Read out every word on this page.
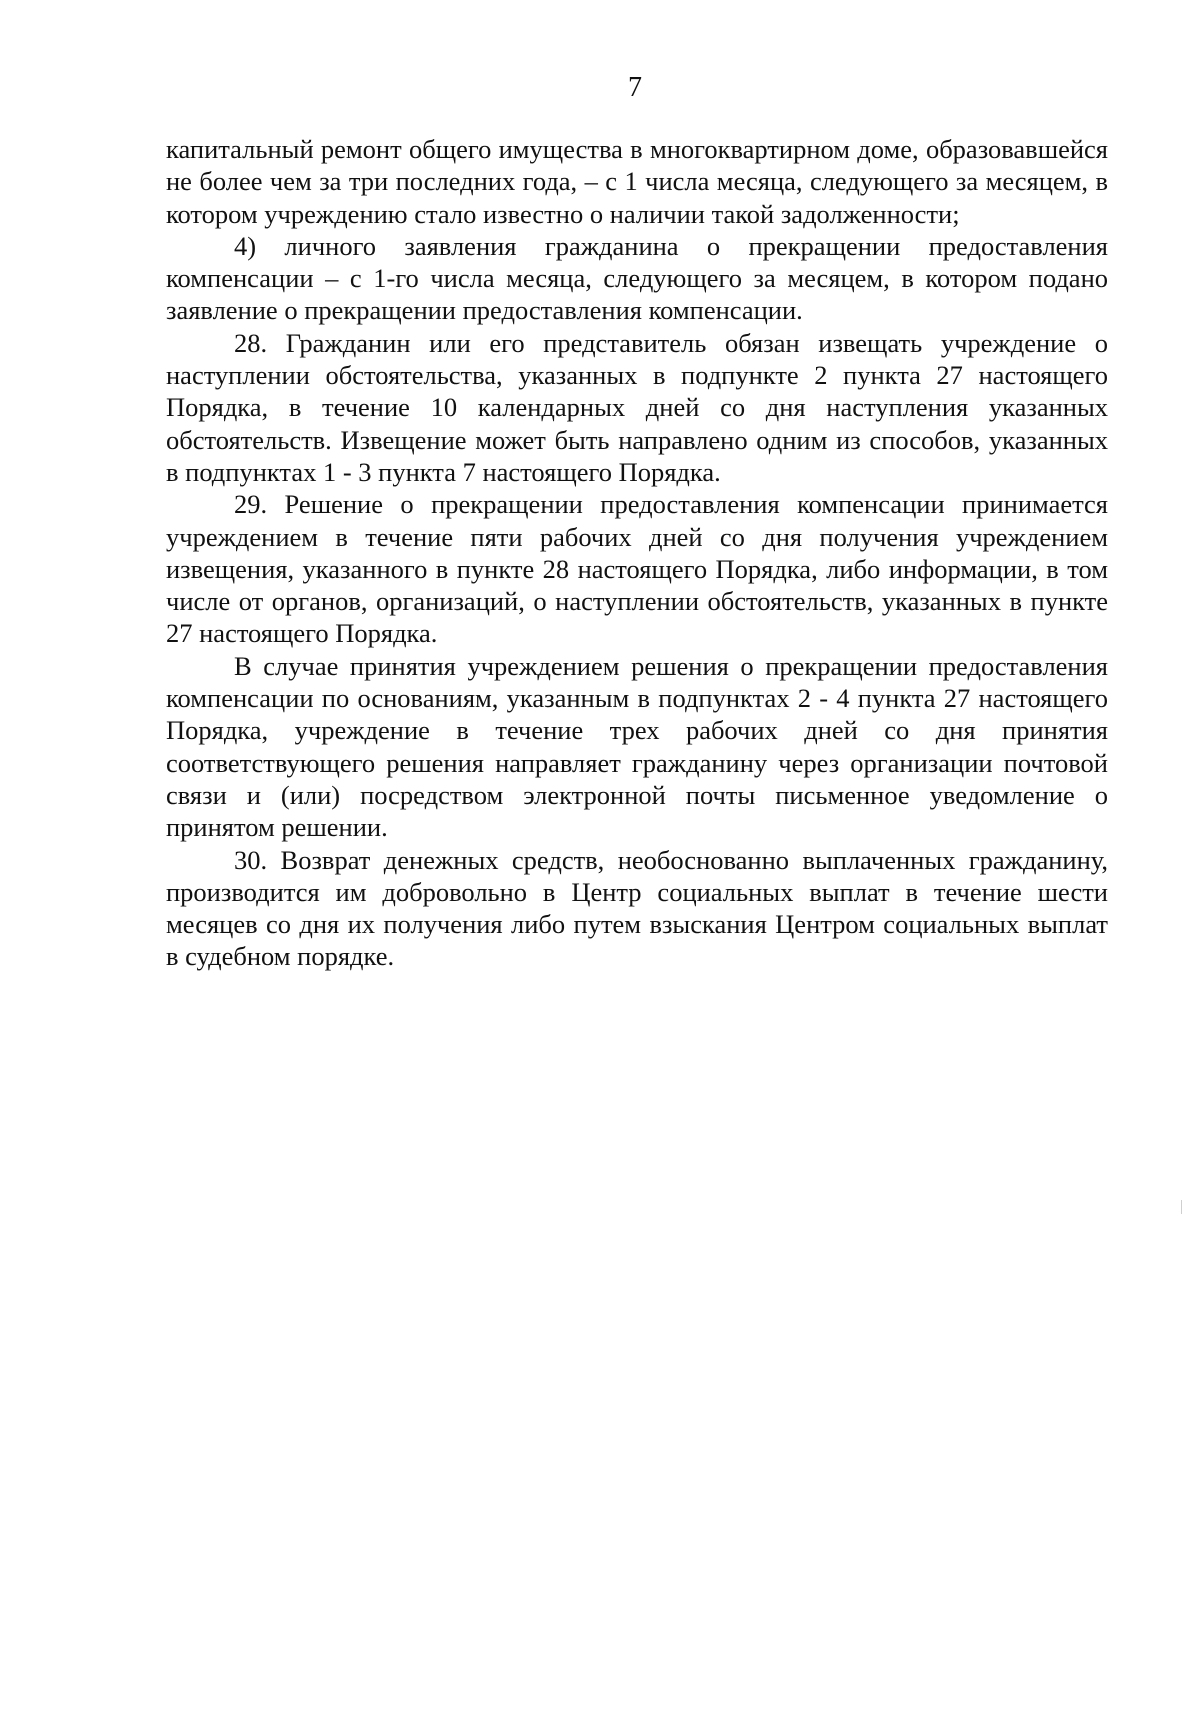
7

капитальный ремонт общего имущества в многоквартирном доме, образовавшейся не более чем за три последних года, – с 1 числа месяца, следующего за месяцем, в котором учреждению стало известно о наличии такой задолженности;

4) личного заявления гражданина о прекращении предоставления компенсации – с 1-го числа месяца, следующего за месяцем, в котором подано заявление о прекращении предоставления компенсации.

28. Гражданин или его представитель обязан извещать учреждение о наступлении обстоятельства, указанных в подпункте 2 пункта 27 настоящего Порядка, в течение 10 календарных дней со дня наступления указанных обстоятельств. Извещение может быть направлено одним из способов, указанных в подпунктах 1 - 3 пункта 7 настоящего Порядка.

29. Решение о прекращении предоставления компенсации принимается учреждением в течение пяти рабочих дней со дня получения учреждением извещения, указанного в пункте 28 настоящего Порядка, либо информации, в том числе от органов, организаций, о наступлении обстоятельств, указанных в пункте 27 настоящего Порядка.

В случае принятия учреждением решения о прекращении предоставления компенсации по основаниям, указанным в подпунктах 2 - 4 пункта 27 настоящего Порядка, учреждение в течение трех рабочих дней со дня принятия соответствующего решения направляет гражданину через организации почтовой связи и (или) посредством электронной почты письменное уведомление о принятом решении.

30. Возврат денежных средств, необоснованно выплаченных гражданину, производится им добровольно в Центр социальных выплат в течение шести месяцев со дня их получения либо путем взыскания Центром социальных выплат в судебном порядке.
